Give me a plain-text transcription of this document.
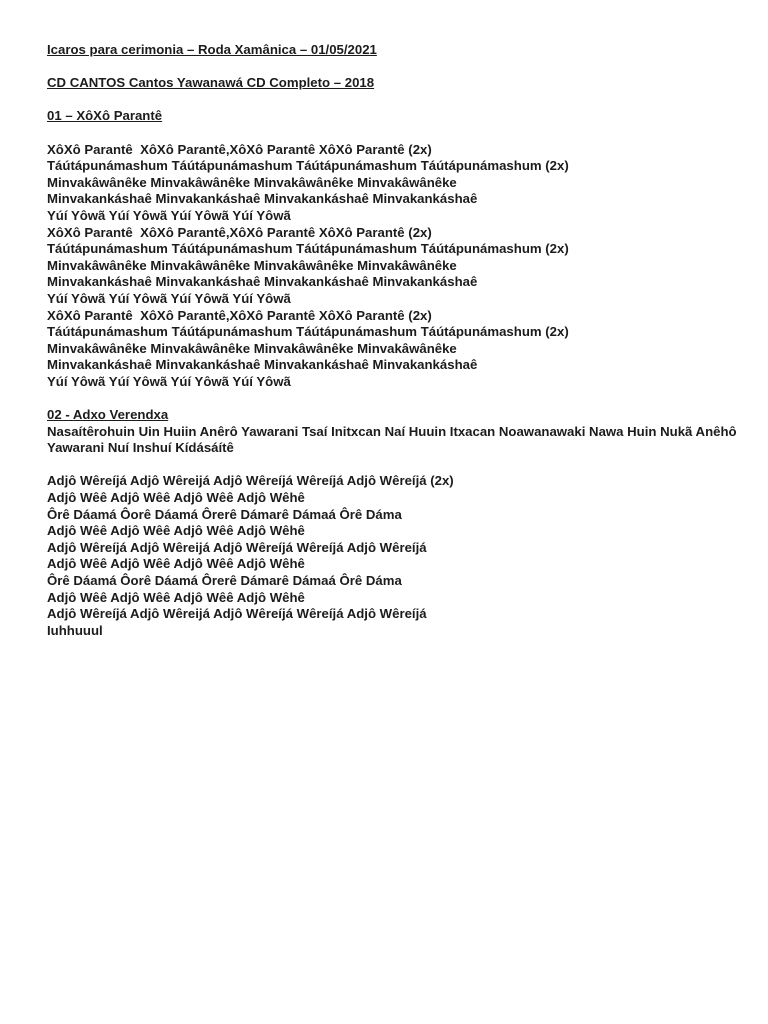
Icaros para cerimonia – Roda Xamânica – 01/05/2021
CD CANTOS Cantos Yawanawá CD Completo – 2018
01 – XôXô Parantê
XôXô Parantê  XôXô Parantê,XôXô Parantê XôXô Parantê (2x)
Táútápunámashum Táútápunámashum Táútápunámashum Táútápunámashum (2x)
Minvakâwânêke Minvakâwânêke Minvakâwânêke Minvakâwânêke
Minvakankáshaê Minvakankáshaê Minvakankáshaê Minvakankáshaê
Yúí Yôwã Yúí Yôwã Yúí Yôwã Yúí Yôwã
XôXô Parantê  XôXô Parantê,XôXô Parantê XôXô Parantê (2x)
Táútápunámashum Táútápunámashum Táútápunámashum Táútápunámashum (2x)
Minvakâwânêke Minvakâwânêke Minvakâwânêke Minvakâwânêke
Minvakankáshaê Minvakankáshaê Minvakankáshaê Minvakankáshaê
Yúí Yôwã Yúí Yôwã Yúí Yôwã Yúí Yôwã
XôXô Parantê  XôXô Parantê,XôXô Parantê XôXô Parantê (2x)
Táútápunámashum Táútápunámashum Táútápunámashum Táútápunámashum (2x)
Minvakâwânêke Minvakâwânêke Minvakâwânêke Minvakâwânêke
Minvakankáshaê Minvakankáshaê Minvakankáshaê Minvakankáshaê
Yúí Yôwã Yúí Yôwã Yúí Yôwã Yúí Yôwã
02 - Adxo Verendxa
Nasaítêrohuin Uin Huiin Anêrô Yawarani Tsaí Initxcan Naí Huuin Itxacan Noawanawaki Nawa Huin Nukã Anêhô Yawarani Nuí Inshuí Kídásáítê
Adjô Wêreíjá Adjô Wêreijá Adjô Wêreíjá Wêreíjá Adjô Wêreíjá (2x)
Adjô Wêê Adjô Wêê Adjô Wêê Adjô Wêhê
Ôrê Dáamá Ôorê Dáamá Ôrerê Dámarê Dámaá Ôrê Dáma
Adjô Wêê Adjô Wêê Adjô Wêê Adjô Wêhê
Adjô Wêreíjá Adjô Wêreijá Adjô Wêreíjá Wêreíjá Adjô Wêreíjá
Adjô Wêê Adjô Wêê Adjô Wêê Adjô Wêhê
Ôrê Dáamá Ôorê Dáamá Ôrerê Dámarê Dámaá Ôrê Dáma
Adjô Wêê Adjô Wêê Adjô Wêê Adjô Wêhê
Adjô Wêreíjá Adjô Wêreijá Adjô Wêreíjá Wêreíjá Adjô Wêreíjá
Iuhhuuul
